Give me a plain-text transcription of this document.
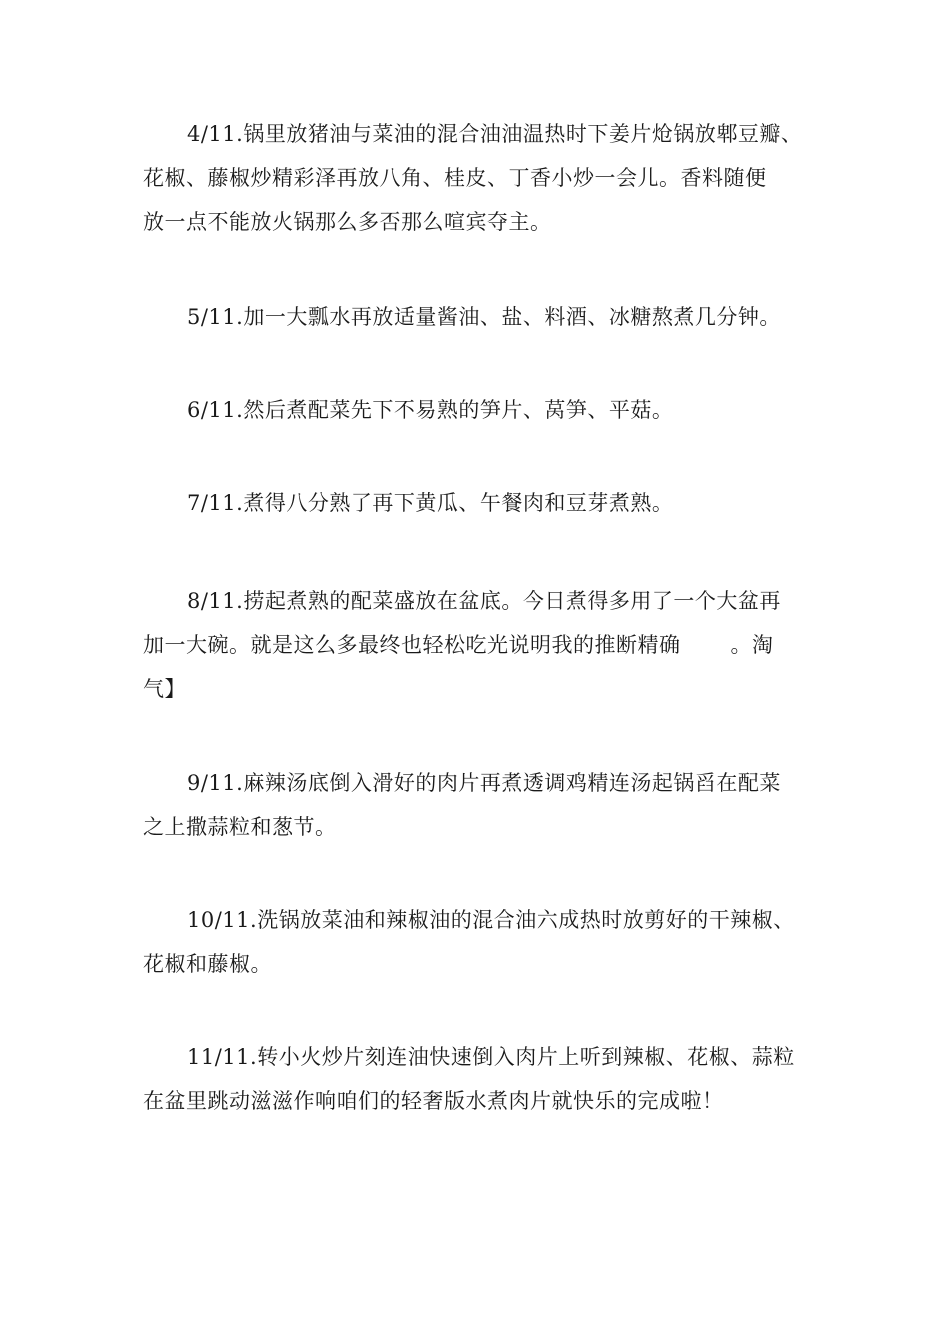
4/11.锅里放猪油与菜油的混合油油温热时下姜片炝锅放郫豆瓣、
花椒、藤椒炒精彩泽再放八角、桂皮、丁香小炒一会儿。香料随便
放一点不能放火锅那么多否那么喧宾夺主。

5/11.加一大瓢水再放适量酱油、盐、料酒、冰糖熬煮几分钟。

6/11.然后煮配菜先下不易熟的笋片、莴笋、平菇。

7/11.煮得八分熟了再下黄瓜、午餐肉和豆芽煮熟。

8/11.捞起煮熟的配菜盛放在盆底。今日煮得多用了一个大盆再
加一大碗。就是这么多最终也轻松吃光说明我的推断精确 。淘
气】

9/11.麻辣汤底倒入滑好的肉片再煮透调鸡精连汤起锅舀在配菜
之上撒蒜粒和葱节。

10/11.洗锅放菜油和辣椒油的混合油六成热时放剪好的干辣椒、
花椒和藤椒。

11/11.转小火炒片刻连油快速倒入肉片上听到辣椒、花椒、蒜粒
在盆里跳动滋滋作响咱们的轻奢版水煮肉片就快乐的完成啦！
